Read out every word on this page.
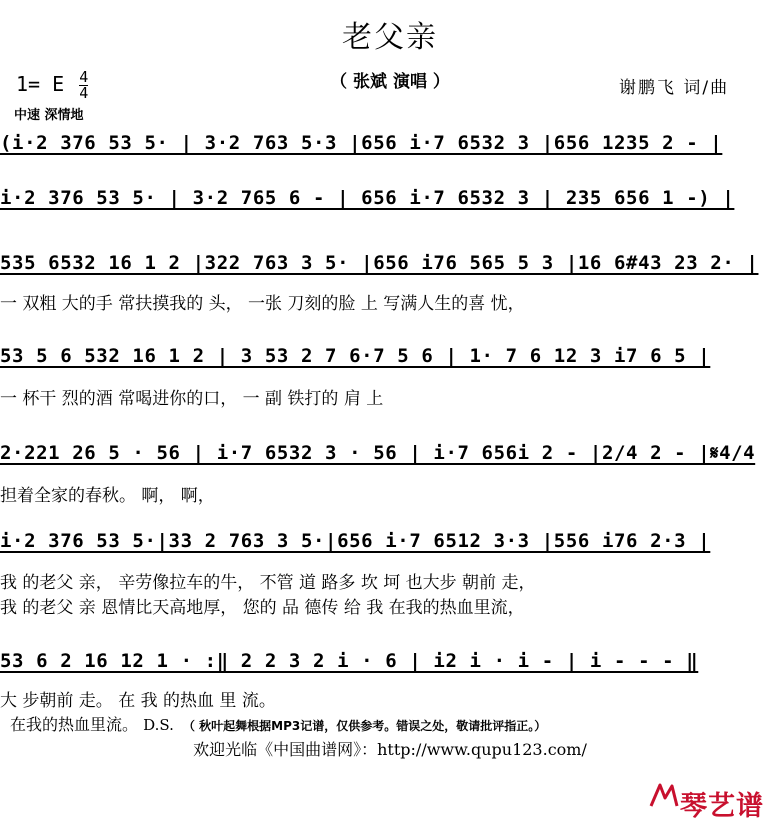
老父亲
（ 张斌 演唱 ）
1= E $\frac{4}{4}$	谢鹏飞 词/曲
中速 深情地
(i·2 376 53 5· | 3·2 763 5·3 |656 i·7 6532 3 |656 1235 2 - |
i·2 376 53 5· | 3·2 765 6 - | 656 i·7 6532 3 | 235 656 1 -) |
535 6532 16 1 2 |322 763 3 5· |656 i76 565 5 3 |16 6#43 23 2· |
一 双粗 大的手 常扶摸我的 头， 一张 刀刻的脸 上 写满人生的喜 忧，
53 5 6 532 16 1 2 | 3 53 2 7 6·7 5 6 | 1· 7 6 12 3 i7 6 5 |
一 杯干 烈的酒 常喝进你的口， 一 副 铁打的 肩 上
2·221 26 5 · 56 | i·7 6532 3 · 56 | i·7 656i 2 - |2/4 2 - |𝄋4/4
担着全家的春秋。 啊， 啊，
i·2 376 53 5·|33 2 763 3 5·|656 i·7 6512 3·3 |556 i76 2·3 |
我 的老父 亲， 辛劳像拉车的牛， 不管 道 路多 坎 坷 也大步 朝前 走，
我 的老父 亲 恩情比天高地厚， 您的 品 德传 给 我 在我的热血里流，
53 6 2 16 12 1 · :‖ 2 2 3 2 i · 6 | i2 i · i - | i - - - ‖
大 步朝前 走。 在 我 的热血 里 流。
在我的热血里流。 D.S. （ 秋叶起舞根据MP3记谱，仅供参考。错误之处，敬请批评指正。）
欢迎光临《中国曲谱网》：http://www.qupu123.com/
琴艺谱
